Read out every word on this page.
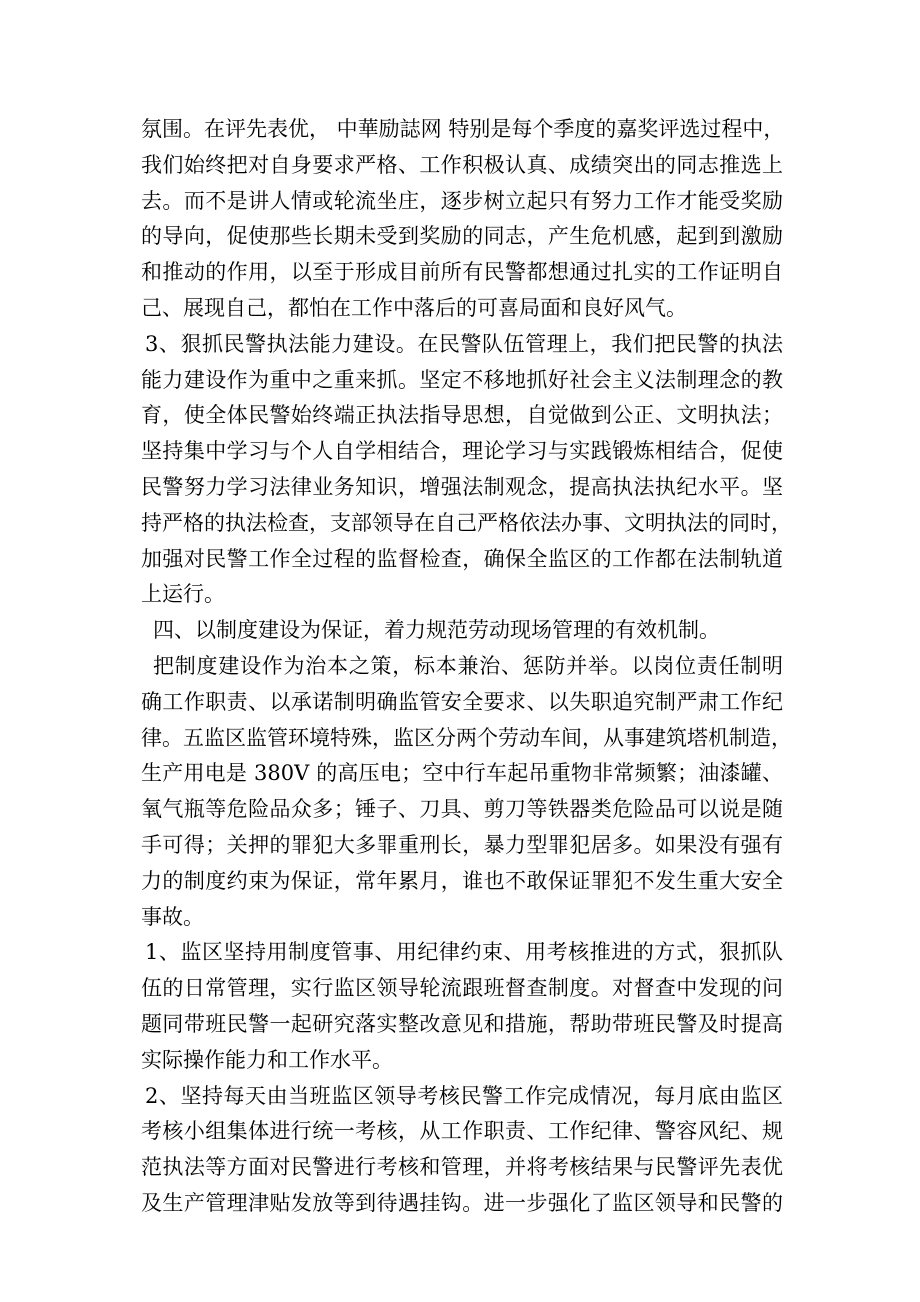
氛围。在评先表优， 中華励誌网 特别是每个季度的嘉奖评选过程中，
我们始终把对自身要求严格、工作积极认真、成绩突出的同志推选上
去。而不是讲人情或轮流坐庄，逐步树立起只有努力工作才能受奖励
的导向，促使那些长期未受到奖励的同志，产生危机感，起到到激励
和推动的作用，以至于形成目前所有民警都想通过扎实的工作证明自
己、展现自己，都怕在工作中落后的可喜局面和良好风气。
3、狠抓民警执法能力建设。在民警队伍管理上，我们把民警的执法
能力建设作为重中之重来抓。坚定不移地抓好社会主义法制理念的教
育，使全体民警始终端正执法指导思想，自觉做到公正、文明执法；
坚持集中学习与个人自学相结合，理论学习与实践锻炼相结合，促使
民警努力学习法律业务知识，增强法制观念，提高执法执纪水平。坚
持严格的执法检查，支部领导在自己严格依法办事、文明执法的同时，
加强对民警工作全过程的监督检查，确保全监区的工作都在法制轨道
上运行。
四、以制度建设为保证，着力规范劳动现场管理的有效机制。
把制度建设作为治本之策，标本兼治、惩防并举。以岗位责任制明
确工作职责、以承诺制明确监管安全要求、以失职追究制严肃工作纪
律。五监区监管环境特殊，监区分两个劳动车间，从事建筑塔机制造，
生产用电是 380V 的高压电；空中行车起吊重物非常频繁；油漆罐、
氧气瓶等危险品众多；锤子、刀具、剪刀等铁器类危险品可以说是随
手可得；关押的罪犯大多罪重刑长，暴力型罪犯居多。如果没有强有
力的制度约束为保证，常年累月，谁也不敢保证罪犯不发生重大安全
事故。
1、监区坚持用制度管事、用纪律约束、用考核推进的方式，狠抓队
伍的日常管理，实行监区领导轮流跟班督查制度。对督查中发现的问
题同带班民警一起研究落实整改意见和措施，帮助带班民警及时提高
实际操作能力和工作水平。
2、坚持每天由当班监区领导考核民警工作完成情况，每月底由监区
考核小组集体进行统一考核，从工作职责、工作纪律、警容风纪、规
范执法等方面对民警进行考核和管理，并将考核结果与民警评先表优
及生产管理津贴发放等到待遇挂钩。进一步强化了监区领导和民警的
